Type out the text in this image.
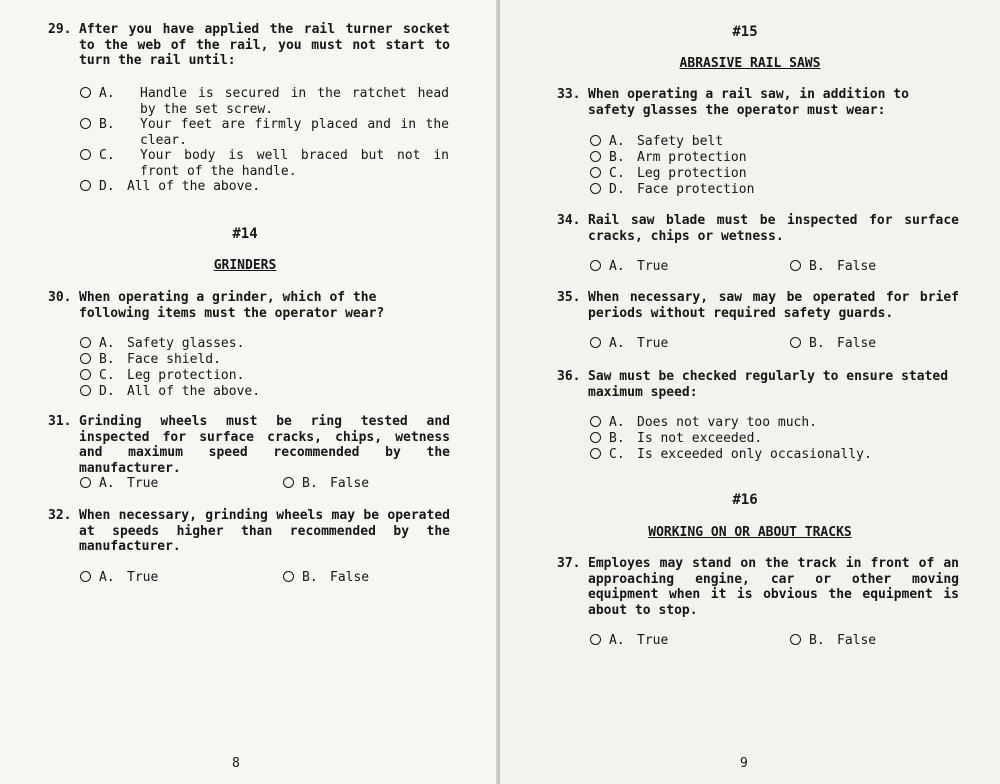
29. After you have applied the rail turner socket to the web of the rail, you must not start to turn the rail until:
A.	Handle is secured in the ratchet head by the set screw.
B.	Your feet are firmly placed and in the clear.
C.	Your body is well braced but not in front of the handle.
D. All of the above.
#14
GRINDERS
30. When operating a grinder, which of the following items must the operator wear?
A. Safety glasses.
B. Face shield.
C. Leg protection.
D. All of the above.
31. Grinding wheels must be ring tested and inspected for surface cracks, chips, wetness and maximum speed recommended by the manufacturer.
A. True	B. False
32. When necessary, grinding wheels may be operated at speeds higher than recommended by the manufacturer.
A. True	B. False
8
#15
ABRASIVE RAIL SAWS
33. When operating a rail saw, in addition to safety glasses the operator must wear:
A. Safety belt
B. Arm protection
C. Leg protection
D. Face protection
34. Rail saw blade must be inspected for surface cracks, chips or wetness.
A. True	B. False
35. When necessary, saw may be operated for brief periods without required safety guards.
A. True	B. False
36. Saw must be checked regularly to ensure stated maximum speed:
A. Does not vary too much.
B. Is not exceeded.
C. Is exceeded only occasionally.
#16
WORKING ON OR ABOUT TRACKS
37. Employes may stand on the track in front of an approaching engine, car or other moving equipment when it is obvious the equipment is about to stop.
A. True	B. False
9
